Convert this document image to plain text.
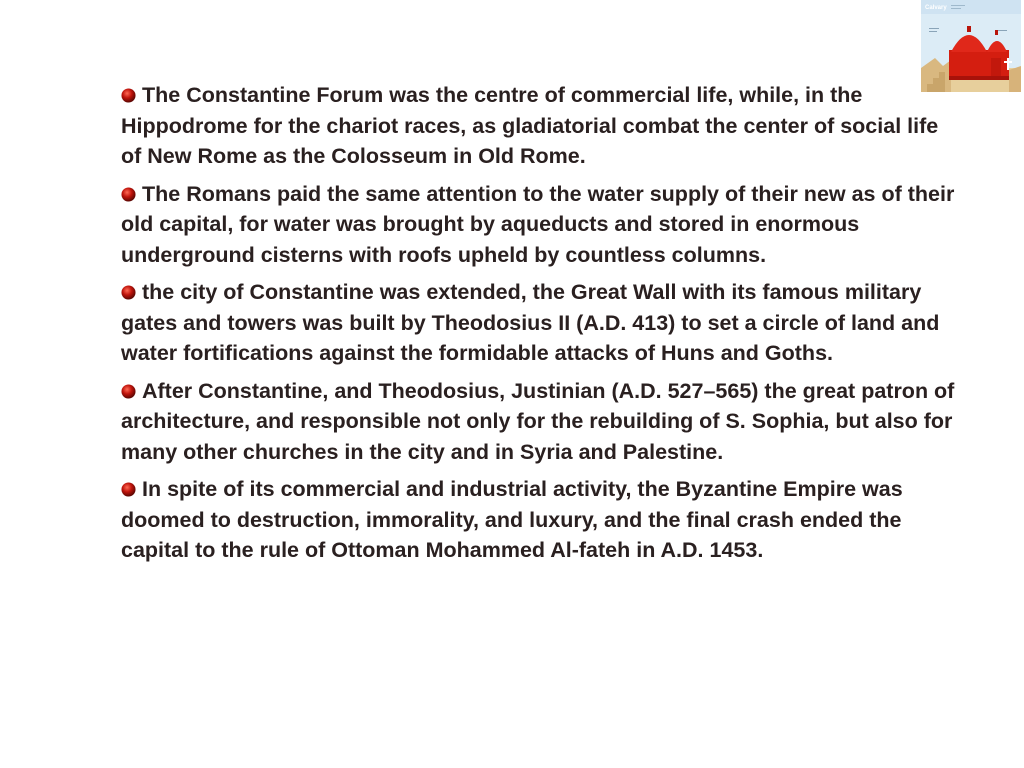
Calvary

The Constantine Forum was the centre of commercial life, while, in the Hippodrome for the chariot races, as gladiatorial combat the center of social life of New Rome as the Colosseum in Old Rome.

The Romans paid the same attention to the water supply of their new as of their old capital, for water was brought by aqueducts and stored in enormous underground cisterns with roofs upheld by countless columns.

the city of Constantine was extended, the Great Wall with its famous military gates and towers was built by Theodosius II (A.D. 413) to set a circle of land and water fortifications against the formidable attacks of Huns and Goths.

After Constantine, and Theodosius, Justinian (A.D. 527–565) the great patron of architecture, and responsible not only for the rebuilding of S. Sophia, but also for many other churches in the city and in Syria and Palestine.

In spite of its commercial and industrial activity, the Byzantine Empire was doomed to destruction, immorality, and luxury, and the final crash ended the capital to the rule of Ottoman Mohammed Al-fateh in A.D. 1453.
